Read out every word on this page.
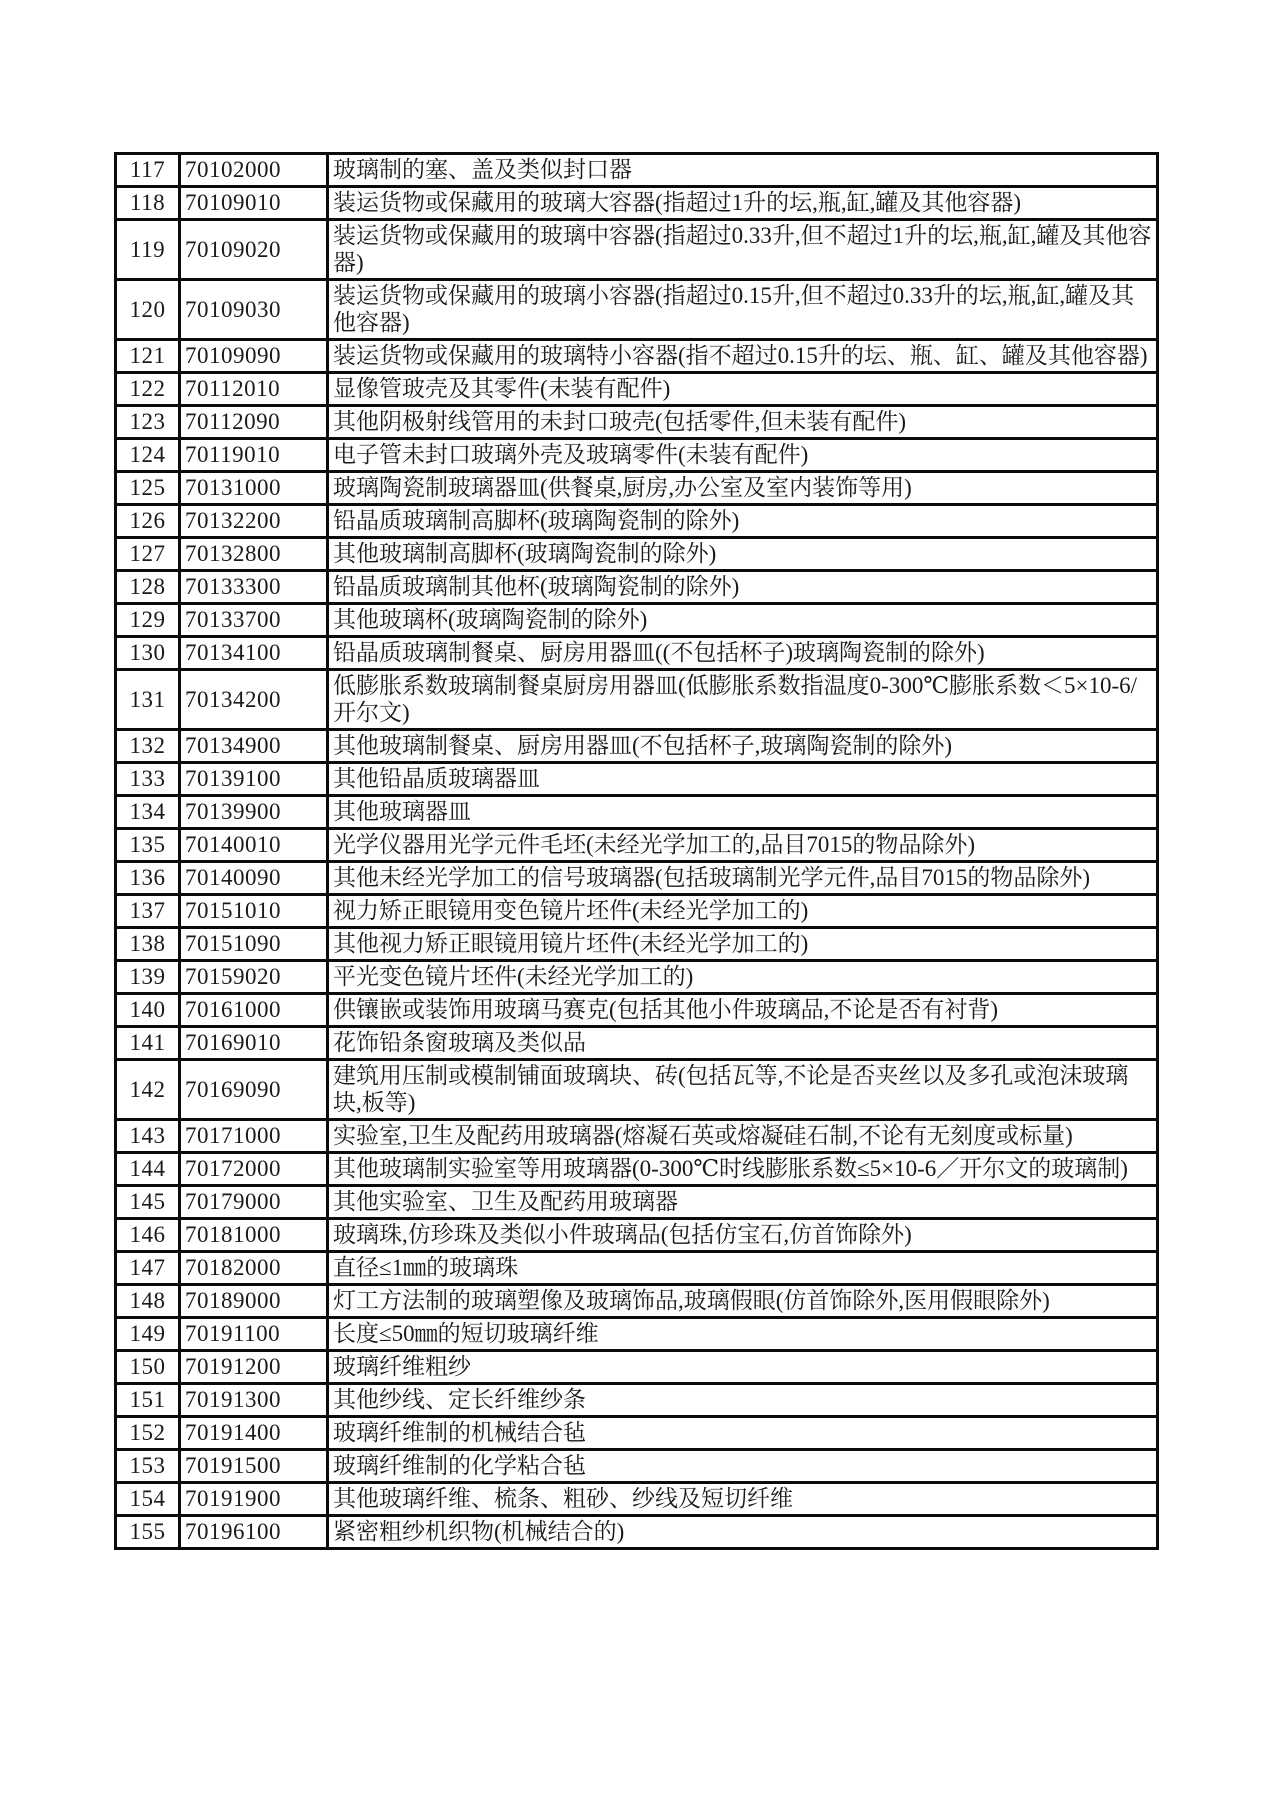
117	70102000	玻璃制的塞、盖及类似封口器
118	70109010	装运货物或保藏用的玻璃大容器(指超过1升的坛,瓶,缸,罐及其他容器)
119	70109020	装运货物或保藏用的玻璃中容器(指超过0.33升,但不超过1升的坛,瓶,缸,罐及其他容器)
120	70109030	装运货物或保藏用的玻璃小容器(指超过0.15升,但不超过0.33升的坛,瓶,缸,罐及其他容器)
121	70109090	装运货物或保藏用的玻璃特小容器(指不超过0.15升的坛、瓶、缸、罐及其他容器)
122	70112010	显像管玻壳及其零件(未装有配件)
123	70112090	其他阴极射线管用的未封口玻壳(包括零件,但未装有配件)
124	70119010	电子管未封口玻璃外壳及玻璃零件(未装有配件)
125	70131000	玻璃陶瓷制玻璃器皿(供餐桌,厨房,办公室及室内装饰等用)
126	70132200	铅晶质玻璃制高脚杯(玻璃陶瓷制的除外)
127	70132800	其他玻璃制高脚杯(玻璃陶瓷制的除外)
128	70133300	铅晶质玻璃制其他杯(玻璃陶瓷制的除外)
129	70133700	其他玻璃杯(玻璃陶瓷制的除外)
130	70134100	铅晶质玻璃制餐桌、厨房用器皿((不包括杯子)玻璃陶瓷制的除外)
131	70134200	低膨胀系数玻璃制餐桌厨房用器皿(低膨胀系数指温度0-300℃膨胀系数＜5×10-6/开尔文)
132	70134900	其他玻璃制餐桌、厨房用器皿(不包括杯子,玻璃陶瓷制的除外)
133	70139100	其他铅晶质玻璃器皿
134	70139900	其他玻璃器皿
135	70140010	光学仪器用光学元件毛坯(未经光学加工的,品目7015的物品除外)
136	70140090	其他未经光学加工的信号玻璃器(包括玻璃制光学元件,品目7015的物品除外)
137	70151010	视力矫正眼镜用变色镜片坯件(未经光学加工的)
138	70151090	其他视力矫正眼镜用镜片坯件(未经光学加工的)
139	70159020	平光变色镜片坯件(未经光学加工的)
140	70161000	供镶嵌或装饰用玻璃马赛克(包括其他小件玻璃品,不论是否有衬背)
141	70169010	花饰铅条窗玻璃及类似品
142	70169090	建筑用压制或模制铺面玻璃块、砖(包括瓦等,不论是否夹丝以及多孔或泡沫玻璃块,板等)
143	70171000	实验室,卫生及配药用玻璃器(熔凝石英或熔凝硅石制,不论有无刻度或标量)
144	70172000	其他玻璃制实验室等用玻璃器(0-300℃时线膨胀系数≤5×10-6／开尔文的玻璃制)
145	70179000	其他实验室、卫生及配药用玻璃器
146	70181000	玻璃珠,仿珍珠及类似小件玻璃品(包括仿宝石,仿首饰除外)
147	70182000	直径≤1㎜的玻璃珠
148	70189000	灯工方法制的玻璃塑像及玻璃饰品,玻璃假眼(仿首饰除外,医用假眼除外)
149	70191100	长度≤50㎜的短切玻璃纤维
150	70191200	玻璃纤维粗纱
151	70191300	其他纱线、定长纤维纱条
152	70191400	玻璃纤维制的机械结合毡
153	70191500	玻璃纤维制的化学粘合毡
154	70191900	其他玻璃纤维、梳条、粗砂、纱线及短切纤维
155	70196100	紧密粗纱机织物(机械结合的)
